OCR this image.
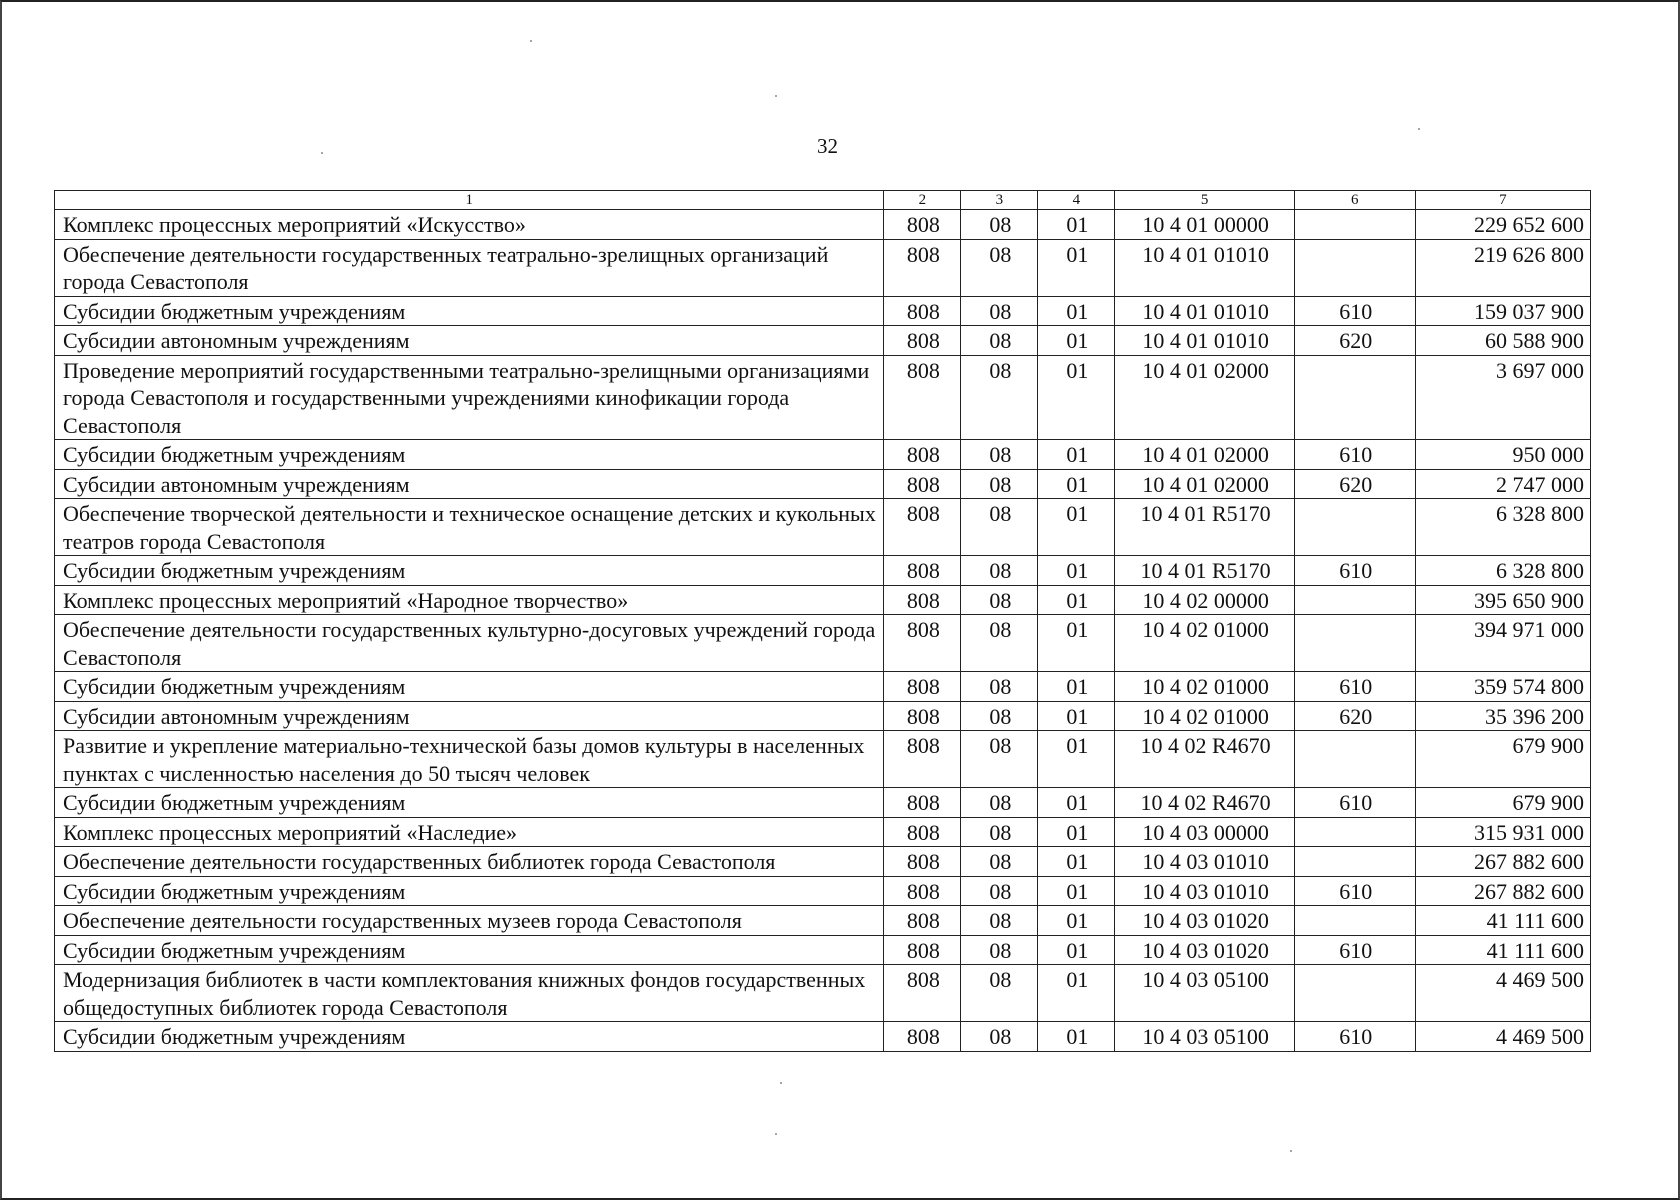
32
1	2	3	4	5	6	7
Комплекс процессных мероприятий «Искусство»	808	08	01	10 4 01 00000		229 652 600
Обеспечение деятельности государственных театрально-зрелищных организаций города Севастополя	808	08	01	10 4 01 01010		219 626 800
Субсидии бюджетным учреждениям	808	08	01	10 4 01 01010	610	159 037 900
Субсидии автономным учреждениям	808	08	01	10 4 01 01010	620	60 588 900
Проведение мероприятий государственными театрально-зрелищными организациями города Севастополя и государственными учреждениями кинофикации города Севастополя	808	08	01	10 4 01 02000		3 697 000
Субсидии бюджетным учреждениям	808	08	01	10 4 01 02000	610	950 000
Субсидии автономным учреждениям	808	08	01	10 4 01 02000	620	2 747 000
Обеспечение творческой деятельности и техническое оснащение детских и кукольных театров города Севастополя	808	08	01	10 4 01 R5170		6 328 800
Субсидии бюджетным учреждениям	808	08	01	10 4 01 R5170	610	6 328 800
Комплекс процессных мероприятий «Народное творчество»	808	08	01	10 4 02 00000		395 650 900
Обеспечение деятельности государственных культурно-досуговых учреждений города Севастополя	808	08	01	10 4 02 01000		394 971 000
Субсидии бюджетным учреждениям	808	08	01	10 4 02 01000	610	359 574 800
Субсидии автономным учреждениям	808	08	01	10 4 02 01000	620	35 396 200
Развитие и укрепление материально-технической базы домов культуры в населенных пунктах с численностью населения до 50 тысяч человек	808	08	01	10 4 02 R4670		679 900
Субсидии бюджетным учреждениям	808	08	01	10 4 02 R4670	610	679 900
Комплекс процессных мероприятий «Наследие»	808	08	01	10 4 03 00000		315 931 000
Обеспечение деятельности государственных библиотек города Севастополя	808	08	01	10 4 03 01010		267 882 600
Субсидии бюджетным учреждениям	808	08	01	10 4 03 01010	610	267 882 600
Обеспечение деятельности государственных музеев города Севастополя	808	08	01	10 4 03 01020		41 111 600
Субсидии бюджетным учреждениям	808	08	01	10 4 03 01020	610	41 111 600
Модернизация библиотек в части комплектования книжных фондов государственных общедоступных библиотек города Севастополя	808	08	01	10 4 03 05100		4 469 500
Субсидии бюджетным учреждениям	808	08	01	10 4 03 05100	610	4 469 500
